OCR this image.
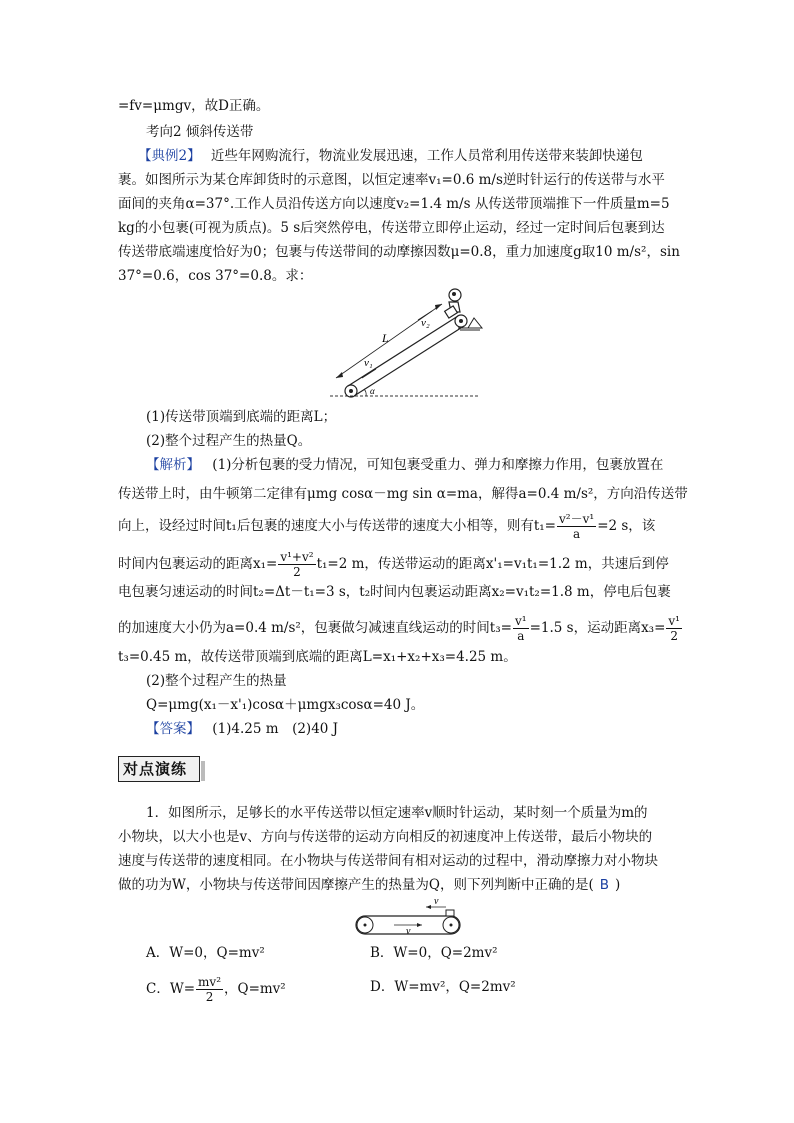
=fv=μmgv，故D正确。
考向2 倾斜传送带
【典例2】 近些年网购流行，物流业发展迅速，工作人员常利用传送带来装卸快递包
裹。如图所示为某仓库卸货时的示意图，以恒定速率v₁=0.6 m/s逆时针运行的传送带与水平
面间的夹角α=37°.工作人员沿传送方向以速度v₂=1.4 m/s 从传送带顶端推下一件质量m=5
kg的小包裹(可视为质点)。5 s后突然停电，传送带立即停止运动，经过一定时间后包裹到达
传送带底端速度恰好为0；包裹与传送带间的动摩擦因数μ=0.8，重力加速度g取10 m/s²，sin
37°=0.6，cos 37°=0.8。求：
L
v₂
v₁
α
(1)传送带顶端到底端的距离L；
(2)整个过程产生的热量Q。
【解析】 (1)分析包裹的受力情况，可知包裹受重力、弹力和摩擦力作用，包裹放置在
传送带上时，由牛顿第二定律有μmg cosα－mg sin α=ma，解得a=0.4 m/s²，方向沿传送带
向上，设经过时间t₁后包裹的速度大小与传送带的速度大小相等，则有$t_1= \frac{\text{v²－v¹}}{a} =2$ s，该
时间内包裹运动的距离$x_1= \frac{\text{v¹+v²}}{2} t_1=2$ m，传送带运动的距离x'₁=v₁t₁=1.2 m，共速后到停
电包裹匀速运动的时间t₂=Δt－t₁=3 s，t₂时间内包裹运动距离x₂=v₁t₂=1.8 m，停电后包裹
的加速度大小仍为a=0.4 m/s²，包裹做匀减速直线运动的时间$t_3= \frac{\text{v¹}}{a} =1.5$ s，运动距离$x_3= \frac{\text{v¹}}{2}$
t₃=0.45 m，故传送带顶端到底端的距离L=x₁+x₂+x₃=4.25 m。
(2)整个过程产生的热量
Q=μmg(x₁－x'₁)cosα＋μmgx₃cosα=40 J。
【答案】 (1)4.25 m　(2)40 J
对点演练
1．如图所示，足够长的水平传送带以恒定速率v顺时针运动，某时刻一个质量为m的
小物块，以大小也是v、方向与传送带的运动方向相反的初速度冲上传送带，最后小物块的
速度与传送带的速度相同。在小物块与传送带间有相对运动的过程中，滑动摩擦力对小物块
做的功为W，小物块与传送带间因摩擦产生的热量为Q，则下列判断中正确的是( B )
v
v
A．W=0，Q=mv²	B．W=0，Q=2mv²
C．$W= \frac{\text{mv²}}{2}$ ，Q=mv²	D．W=mv²，Q=2mv²
